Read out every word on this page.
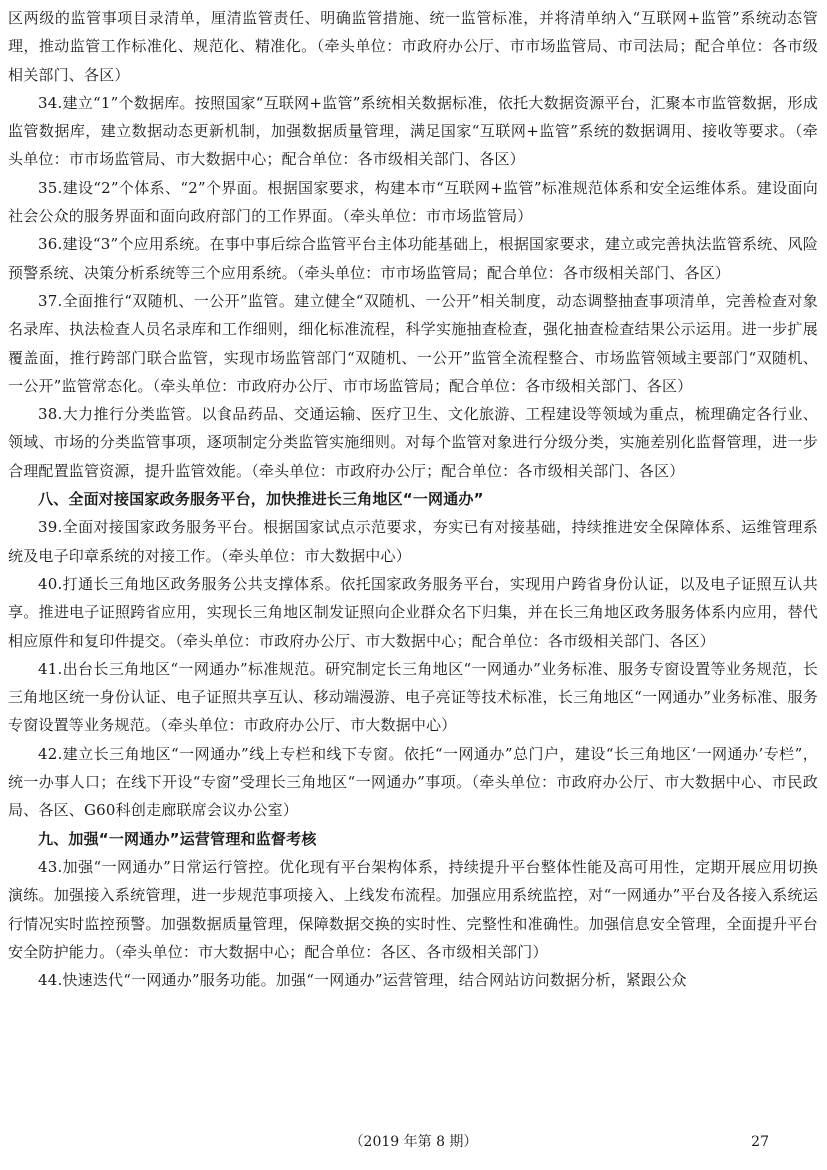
区两级的监管事项目录清单，厘清监管责任、明确监管措施、统一监管标准，并将清单纳入“互联网+监管”系统动态管理，推动监管工作标准化、规范化、精准化。（牵头单位：市政府办公厅、市市场监管局、市司法局；配合单位：各市级相关部门、各区）

34.建立“1”个数据库。按照国家“互联网+监管”系统相关数据标准，依托大数据资源平台，汇聚本市监管数据，形成监管数据库，建立数据动态更新机制，加强数据质量管理，满足国家“互联网+监管”系统的数据调用、接收等要求。（牵头单位：市市场监管局、市大数据中心；配合单位：各市级相关部门、各区）

35.建设“2”个体系、“2”个界面。根据国家要求，构建本市“互联网+监管”标准规范体系和安全运维体系。建设面向社会公众的服务界面和面向政府部门的工作界面。（牵头单位：市市场监管局）

36.建设“3”个应用系统。在事中事后综合监管平台主体功能基础上，根据国家要求，建立或完善执法监管系统、风险预警系统、决策分析系统等三个应用系统。（牵头单位：市市场监管局；配合单位：各市级相关部门、各区）

37.全面推行“双随机、一公开”监管。建立健全“双随机、一公开”相关制度，动态调整抽查事项清单，完善检查对象名录库、执法检查人员名录库和工作细则，细化标准流程，科学实施抽查检查，强化抽查检查结果公示运用。进一步扩展覆盖面，推行跨部门联合监管，实现市场监管部门“双随机、一公开”监管全流程整合、市场监管领域主要部门“双随机、一公开”监管常态化。（牵头单位：市政府办公厅、市市场监管局；配合单位：各市级相关部门、各区）

38.大力推行分类监管。以食品药品、交通运输、医疗卫生、文化旅游、工程建设等领域为重点，梳理确定各行业、领域、市场的分类监管事项，逐项制定分类监管实施细则。对每个监管对象进行分级分类，实施差别化监督管理，进一步合理配置监管资源，提升监管效能。（牵头单位：市政府办公厅；配合单位：各市级相关部门、各区）

八、全面对接国家政务服务平台，加快推进长三角地区“一网通办”

39.全面对接国家政务服务平台。根据国家试点示范要求，夯实已有对接基础，持续推进安全保障体系、运维管理系统及电子印章系统的对接工作。（牵头单位：市大数据中心）

40.打通长三角地区政务服务公共支撑体系。依托国家政务服务平台，实现用户跨省身份认证，以及电子证照互认共享。推进电子证照跨省应用，实现长三角地区制发证照向企业群众名下归集，并在长三角地区政务服务体系内应用，替代相应原件和复印件提交。（牵头单位：市政府办公厅、市大数据中心；配合单位：各市级相关部门、各区）

41.出台长三角地区“一网通办”标准规范。研究制定长三角地区“一网通办”业务标准、服务专窗设置等业务规范，长三角地区统一身份认证、电子证照共享互认、移动端漫游、电子亮证等技术标准，长三角地区“一网通办”业务标准、服务专窗设置等业务规范。（牵头单位：市政府办公厅、市大数据中心）

42.建立长三角地区“一网通办”线上专栏和线下专窗。依托“一网通办”总门户，建设“长三角地区‘一网通办’专栏”，统一办事人口；在线下开设“专窗”受理长三角地区“一网通办”事项。（牵头单位：市政府办公厅、市大数据中心、市民政局、各区、G60科创走廊联席会议办公室）

九、加强“一网通办”运营管理和监督考核

43.加强“一网通办”日常运行管控。优化现有平台架构体系，持续提升平台整体性能及高可用性，定期开展应用切换演练。加强接入系统管理，进一步规范事项接入、上线发布流程。加强应用系统监控，对“一网通办”平台及各接入系统运行情况实时监控预警。加强数据质量管理，保障数据交换的实时性、完整性和准确性。加强信息安全管理，全面提升平台安全防护能力。（牵头单位：市大数据中心；配合单位：各区、各市级相关部门）

44.快速迭代“一网通办”服务功能。加强“一网通办”运营管理，结合网站访问数据分析，紧跟公众

（2019 年第 8 期）	27
